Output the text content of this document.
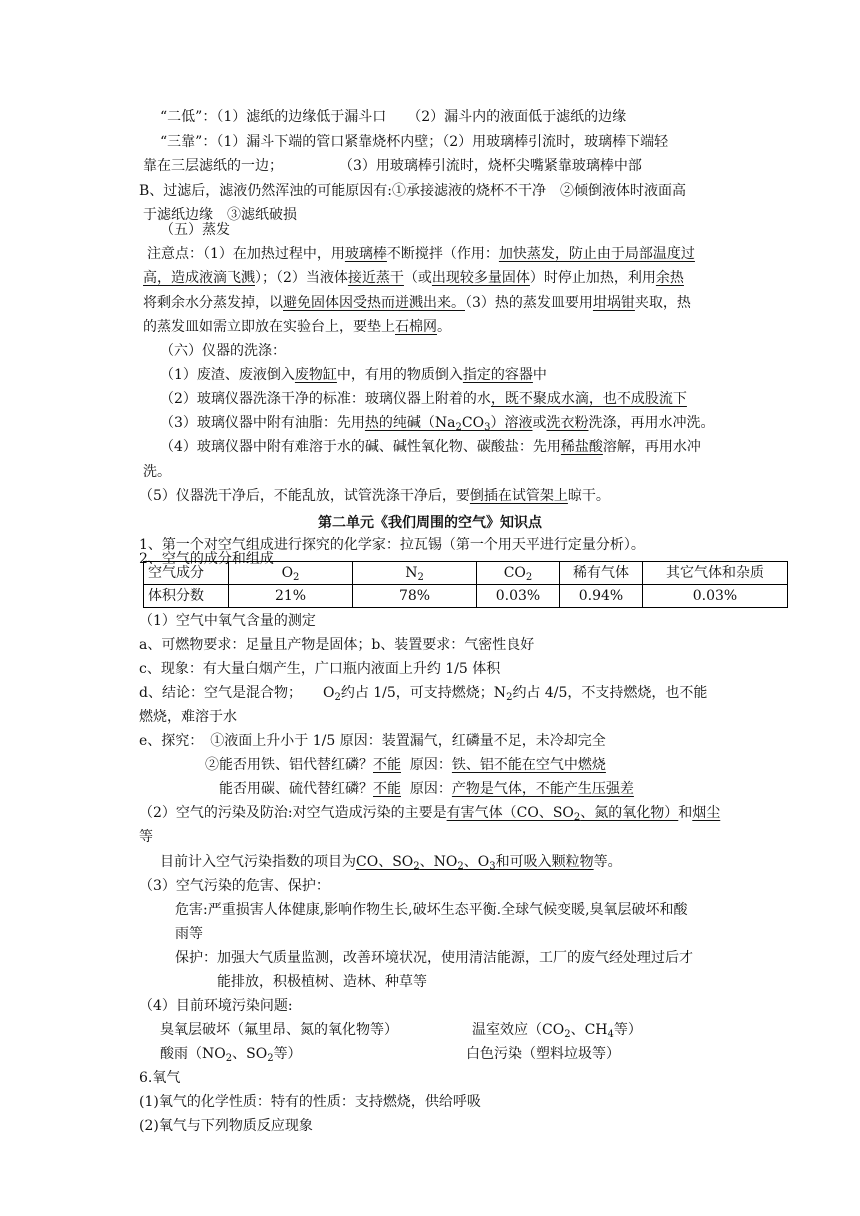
“二低”：（1）滤纸的边缘低于漏斗口　　（2）漏斗内的液面低于滤纸的边缘
“三靠”：（1）漏斗下端的管口紧靠烧杯内壁；（2）用玻璃棒引流时，玻璃棒下端轻
靠在三层滤纸的一边；　　　　　（3）用玻璃棒引流时，烧杯尖嘴紧靠玻璃棒中部
B、过滤后，滤液仍然浑浊的可能原因有:①承接滤液的烧杯不干净　②倾倒液体时液面高
于滤纸边缘　③滤纸破损
（五）蒸发
注意点：（1）在加热过程中，用玻璃棒不断搅拌（作用：加快蒸发，防止由于局部温度过
高，造成液滴飞溅）；（2）当液体接近蒸干（或出现较多量固体）时停止加热，利用余热
将剩余水分蒸发掉，以避免固体因受热而迸溅出来。（3）热的蒸发皿要用坩埚钳夹取，热
的蒸发皿如需立即放在实验台上，要垫上石棉网。
（六）仪器的洗涤：
（1）废渣、废液倒入废物缸中，有用的物质倒入指定的容器中
（2）玻璃仪器洗涤干净的标准：玻璃仪器上附着的水，既不聚成水滴，也不成股流下
（3）玻璃仪器中附有油脂：先用热的纯碱$(Na_2CO_3)$溶液或洗衣粉洗涤，再用水冲洗。
（4）玻璃仪器中附有难溶于水的碱、碱性氧化物、碳酸盐：先用稀盐酸溶解，再用水冲
洗。
（5）仪器洗干净后，不能乱放，试管洗涤干净后，要倒插在试管架上晾干。
第二单元《我们周围的空气》知识点
1、第一个对空气组成进行探究的化学家：拉瓦锡（第一个用天平进行定量分析）。
2、空气的成分和组成
空气成分	$O_2$	$N_2$	$CO_2$	稀有气体	其它气体和杂质
体积分数	21%	78%	0.03%	0.94%	0.03%
（1）空气中氧气含量的测定
a、可燃物要求：足量且产物是固体；b、装置要求：气密性良好
c、现象：有大量白烟产生，广口瓶内液面上升约 1/5 体积
d、结论：空气是混合物；　　$O_2$约占 1/5，可支持燃烧；$N_2$约占 4/5，不支持燃烧，也不能
燃烧，难溶于水
e、探究：　①液面上升小于 1/5 原因：装置漏气，红磷量不足，未冷却完全
②能否用铁、铝代替红磷？不能 原因：铁、铝不能在空气中燃烧
能否用碳、硫代替红磷？不能 原因：产物是气体，不能产生压强差
（2）空气的污染及防治:对空气造成污染的主要是有害气体（CO、$SO_2$、氮的氧化物）和烟尘
等
目前计入空气污染指数的项目为CO、$SO_2$、$NO_2$、$O_3$和可吸入颗粒物等。
（3）空气污染的危害、保护：
危害:严重损害人体健康,影响作物生长,破坏生态平衡.全球气候变暖,臭氧层破坏和酸
雨等
保护：加强大气质量监测，改善环境状况，使用清洁能源，工厂的废气经处理过后才
能排放，积极植树、造林、种草等
（4）目前环境污染问题:
臭氧层破坏（氟里昂、氮的氧化物等）	温室效应（$CO_2$、$CH_4$等）
酸雨（$NO_2$、$SO_2$等）	白色污染（塑料垃圾等）
6.氧气
(1)氧气的化学性质：特有的性质：支持燃烧，供给呼吸
(2)氧气与下列物质反应现象
